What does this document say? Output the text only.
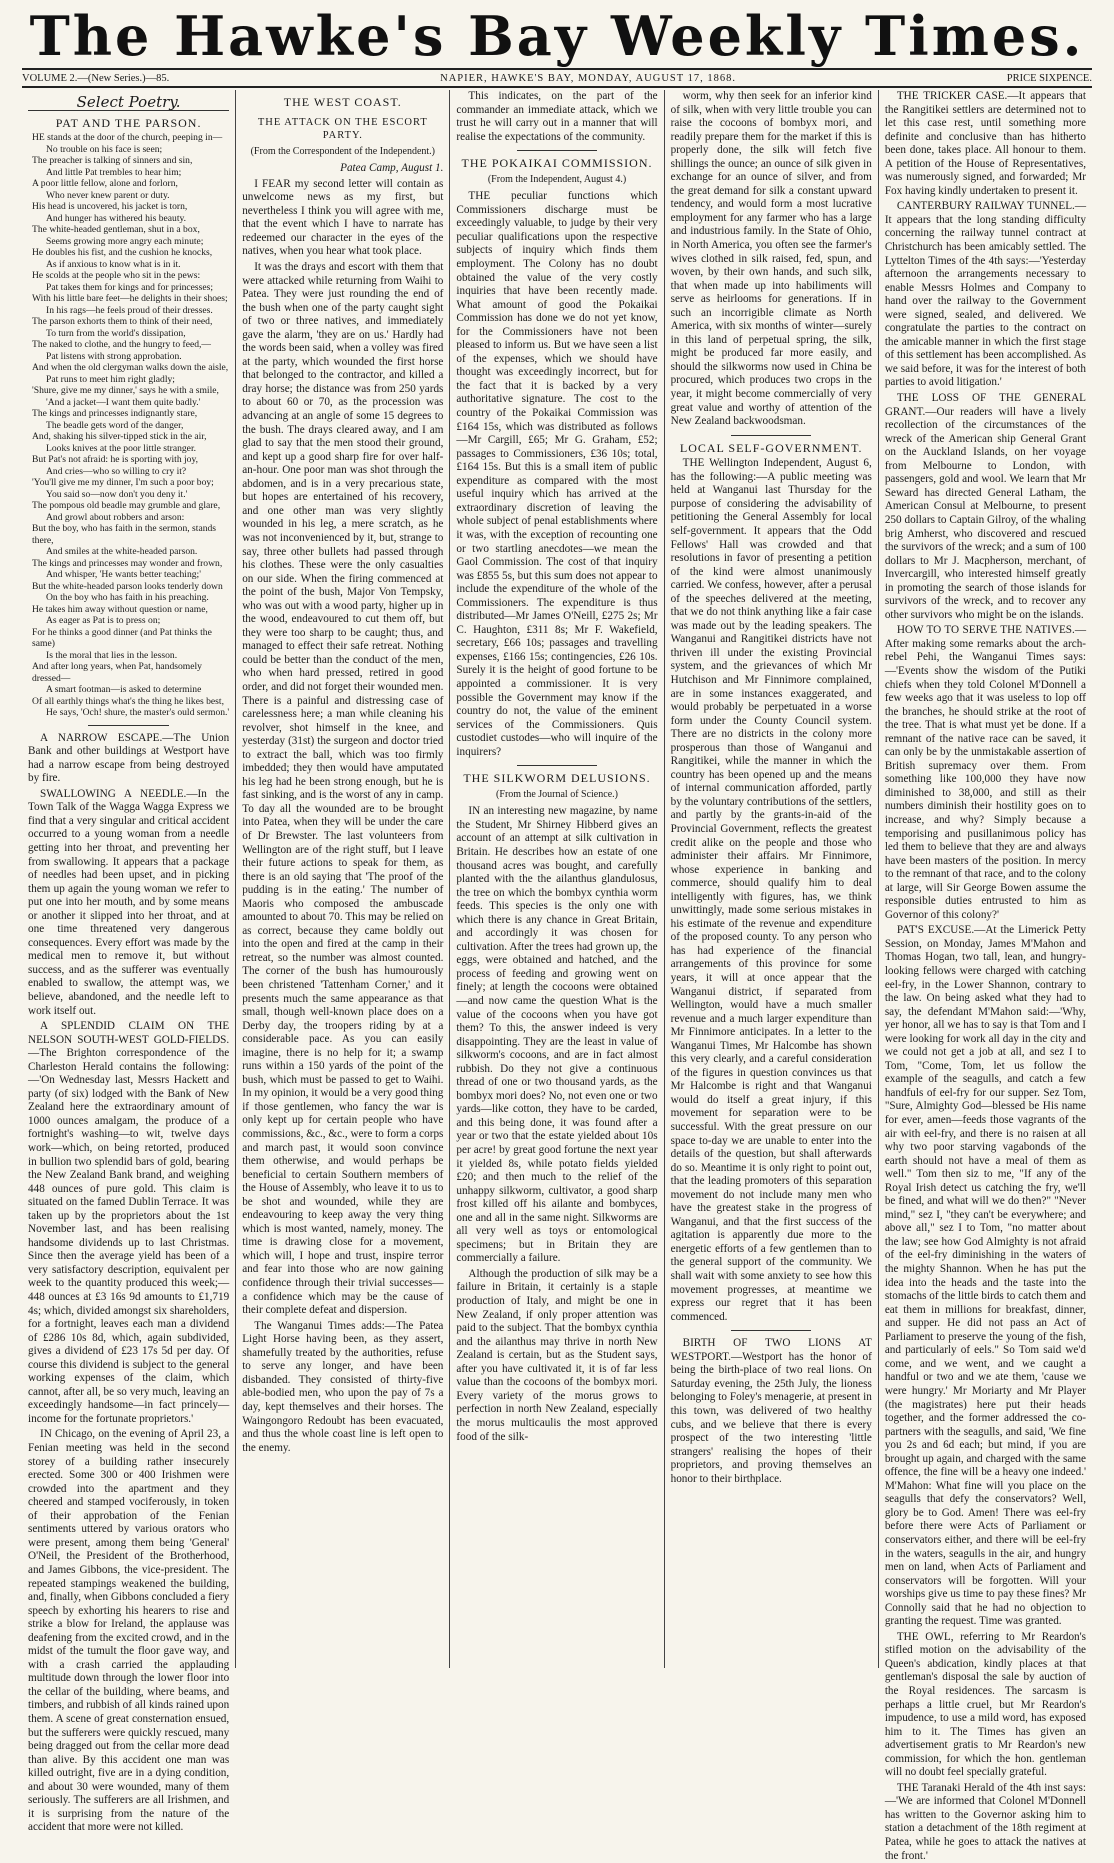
The Hawke's Bay Weekly Times.
VOLUME 2.—(New Series.)—85.	NAPIER, HAWKE'S BAY, MONDAY, AUGUST 17, 1868.	PRICE SIXPENCE.
Select Poetry.
PAT AND THE PARSON.
HE stands at the door of the church, peeping in—
No trouble on his face is seen;
The preacher is talking of sinners and sin,
And little Pat trembles to hear him;
A poor little fellow, alone and forlorn,
Who never knew parent or duty.
His head is uncovered, his jacket is torn,
And hunger has withered his beauty.
The white-headed gentleman, shut in a box,
Seems growing more angry each minute;
He doubles his fist, and the cushion he knocks,
As if anxious to know what is in it.
He scolds at the people who sit in the pews:
Pat takes them for kings and for princesses;
With his little bare feet—he delights in their shoes;
In his rags—he feels proud of their dresses.
The parson exhorts them to think of their need,
To turn from the world's dissipation,
The naked to clothe, and the hungry to feed,—
Pat listens with strong approbation.
And when the old clergyman walks down the aisle,
Pat runs to meet him right gladly;
'Shure, give me my dinner,' says he with a smile,
'And a jacket—I want them quite badly.'
The kings and princesses indignantly stare,
The beadle gets word of the danger,
And, shaking his silver-tipped stick in the air,
Looks knives at the poor little stranger.
But Pat's not afraid: he is sporting with joy,
And cries—who so willing to cry it?
'You'll give me my dinner, I'm such a poor boy;
You said so—now don't you deny it.'
The pompous old beadle may grumble and glare,
And growl about robbers and arson:
But the boy, who has faith in the sermon, stands there,
And smiles at the white-headed parson.
The kings and princesses may wonder and frown,
And whisper, 'He wants better teaching;'
But the white-headed parson looks tenderly down
On the boy who has faith in his preaching.
He takes him away without question or name,
As eager as Pat is to press on;
For he thinks a good dinner (and Pat thinks the same)
Is the moral that lies in the lesson.
And after long years, when Pat, handsomely dressed—
A smart footman—is asked to determine
Of all earthly things what's the thing he likes best,
He says, 'Och! shure, the master's ould sermon.'

A NARROW ESCAPE.—The Union Bank and other buildings at Westport have had a narrow escape from being destroyed by fire.

SWALLOWING A NEEDLE.—In the Town Talk of the Wagga Wagga Express we find that a very singular and critical accident occurred to a young woman from a needle getting into her throat, and preventing her from swallowing. It appears that a package of needles had been upset, and in picking them up again the young woman we refer to put one into her mouth, and by some means or another it slipped into her throat, and at one time threatened very dangerous consequences. Every effort was made by the medical men to remove it, but without success, and as the sufferer was eventually enabled to swallow, the attempt was, we believe, abandoned, and the needle left to work itself out.

A SPLENDID CLAIM ON THE NELSON SOUTH-WEST GOLD-FIELDS.—The Brighton correspondence of the Charleston Herald contains the following:—'On Wednesday last, Messrs Hackett and party (of six) lodged with the Bank of New Zealand here the extraordinary amount of 1000 ounces amalgam, the produce of a fortnight's washing—to wit, twelve days work—which, on being retorted, produced in bullion two splendid bars of gold, bearing the New Zealand Bank brand, and weighing 448 ounces of pure gold. This claim is situated on the famed Dublin Terrace. It was taken up by the proprietors about the 1st November last, and has been realising handsome dividends up to last Christmas. Since then the average yield has been of a very satisfactory description, equivalent per week to the quantity produced this week;—448 ounces at £3 16s 9d amounts to £1,719 4s; which, divided amongst six shareholders, for a fortnight, leaves each man a dividend of £286 10s 8d, which, again subdivided, gives a dividend of £23 17s 5d per day. Of course this dividend is subject to the general working expenses of the claim, which cannot, after all, be so very much, leaving an exceedingly handsome—in fact princely—income for the fortunate proprietors.'

IN Chicago, on the evening of April 23, a Fenian meeting was held in the second storey of a building rather insecurely erected. Some 300 or 400 Irishmen were crowded into the apartment and they cheered and stamped vociferously, in token of their approbation of the Fenian sentiments uttered by various orators who were present, among them being 'General' O'Neil, the President of the Brotherhood, and James Gibbons, the vice-president. The repeated stampings weakened the building, and, finally, when Gibbons concluded a fiery speech by exhorting his hearers to rise and strike a blow for Ireland, the applause was deafening from the excited crowd, and in the midst of the tumult the floor gave way, and with a crash carried the applauding multitude down through the lower floor into the cellar of the building, where beams, and timbers, and rubbish of all kinds rained upon them. A scene of great consternation ensued, but the sufferers were quickly rescued, many being dragged out from the cellar more dead than alive. By this accident one man was killed outright, five are in a dying condition, and about 30 were wounded, many of them seriously. The sufferers are all Irishmen, and it is surprising from the nature of the accident that more were not killed.

THE WEST COAST.
THE ATTACK ON THE ESCORT PARTY.
(From the Correspondent of the Independent.)
Patea Camp, August 1.

I FEAR my second letter will contain as unwelcome news as my first, but nevertheless I think you will agree with me, that the event which I have to narrate has redeemed our character in the eyes of the natives, when you hear what took place.

It was the drays and escort with them that were attacked while returning from Waihi to Patea. They were just rounding the end of the bush when one of the party caught sight of two or three natives, and immediately gave the alarm, 'they are on us.' Hardly had the words been said, when a volley was fired at the party, which wounded the first horse that belonged to the contractor, and killed a dray horse; the distance was from 250 yards to about 60 or 70, as the procession was advancing at an angle of some 15 degrees to the bush. The drays cleared away, and I am glad to say that the men stood their ground, and kept up a good sharp fire for over half-an-hour. One poor man was shot through the abdomen, and is in a very precarious state, but hopes are entertained of his recovery, and one other man was very slightly wounded in his leg, a mere scratch, as he was not inconvenienced by it, but, strange to say, three other bullets had passed through his clothes. These were the only casualties on our side. When the firing commenced at the point of the bush, Major Von Tempsky, who was out with a wood party, higher up in the wood, endeavoured to cut them off, but they were too sharp to be caught; thus, and managed to effect their safe retreat. Nothing could be better than the conduct of the men, who when hard pressed, retired in good order, and did not forget their wounded men. There is a painful and distressing case of carelessness here; a man while cleaning his revolver, shot himself in the knee, and yesterday (31st) the surgeon and doctor tried to extract the ball, which was too firmly imbedded; they then would have amputated his leg had he been strong enough, but he is fast sinking, and is the worst of any in camp. To day all the wounded are to be brought into Patea, when they will be under the care of Dr Brewster. The last volunteers from Wellington are of the right stuff, but I leave their future actions to speak for them, as there is an old saying that 'The proof of the pudding is in the eating.' The number of Maoris who composed the ambuscade amounted to about 70. This may be relied on as correct, because they came boldly out into the open and fired at the camp in their retreat, so the number was almost counted. The corner of the bush has humourously been christened 'Tattenham Corner,' and it presents much the same appearance as that small, though well-known place does on a Derby day, the troopers riding by at a considerable pace. As you can easily imagine, there is no help for it; a swamp runs within a 150 yards of the point of the bush, which must be passed to get to Waihi. In my opinion, it would be a very good thing if those gentlemen, who fancy the war is only kept up for certain people who have commissions, &c., &c., were to form a corps and march past, it would soon convince them otherwise, and would perhaps be beneficial to certain Southern members of the House of Assembly, who leave it to us to be shot and wounded, while they are endeavouring to keep away the very thing which is most wanted, namely, money. The time is drawing close for a movement, which will, I hope and trust, inspire terror and fear into those who are now gaining confidence through their trivial successes—a confidence which may be the cause of their complete defeat and dispersion.

The Wanganui Times adds:—The Patea Light Horse having been, as they assert, shamefully treated by the authorities, refuse to serve any longer, and have been disbanded. They consisted of thirty-five able-bodied men, who upon the pay of 7s a day, kept themselves and their horses. The Waingongoro Redoubt has been evacuated, and thus the whole coast line is left open to the enemy.

This indicates, on the part of the commander an immediate attack, which we trust he will carry out in a manner that will realise the expectations of the community.

THE POKAIKAI COMMISSION.
(From the Independent, August 4.)

THE peculiar functions which Commissioners discharge must be exceedingly valuable, to judge by their very peculiar qualifications upon the respective subjects of inquiry which finds them employment. The Colony has no doubt obtained the value of the very costly inquiries that have been recently made. What amount of good the Pokaikai Commission has done we do not yet know, for the Commissioners have not been pleased to inform us. But we have seen a list of the expenses, which we should have thought was exceedingly incorrect, but for the fact that it is backed by a very authoritative signature. The cost to the country of the Pokaikai Commission was £164 15s, which was distributed as follows—Mr Cargill, £65; Mr G. Graham, £52; passages to Commissioners, £36 10s; total, £164 15s. But this is a small item of public expenditure as compared with the most useful inquiry which has arrived at the extraordinary discretion of leaving the whole subject of penal establishments where it was, with the exception of recounting one or two startling anecdotes—we mean the Gaol Commission. The cost of that inquiry was £855 5s, but this sum does not appear to include the expenditure of the whole of the Commissioners. The expenditure is thus distributed—Mr James O'Neill, £275 2s; Mr C. Haughton, £311 8s; Mr F. Wakefield, secretary, £66 10s; passages and travelling expenses, £166 15s; contingencies, £26 10s. Surely it is the height of good fortune to be appointed a commissioner. It is very possible the Government may know if the country do not, the value of the eminent services of the Commissioners. Quis custodiet custodes—who will inquire of the inquirers?

THE SILKWORM DELUSIONS.
(From the Journal of Science.)

IN an interesting new magazine, by name the Student, Mr Shirney Hibberd gives an account of an attempt at silk cultivation in Britain. He describes how an estate of one thousand acres was bought, and carefully planted with the the ailanthus glandulosus, the tree on which the bombyx cynthia worm feeds. This species is the only one with which there is any chance in Great Britain, and accordingly it was chosen for cultivation. After the trees had grown up, the eggs, were obtained and hatched, and the process of feeding and growing went on finely; at length the cocoons were obtained—and now came the question What is the value of the cocoons when you have got them? To this, the answer indeed is very disappointing. They are the least in value of silkworm's cocoons, and are in fact almost rubbish. Do they not give a continuous thread of one or two thousand yards, as the bombyx mori does? No, not even one or two yards—like cotton, they have to be carded, and this being done, it was found after a year or two that the estate yielded about 10s per acre! by great good fortune the next year it yielded 8s, while potato fields yielded £20; and then much to the relief of the unhappy silkworm, cultivator, a good sharp frost killed off his ailante and bombyces, one and all in the same night. Silkworms are all very well as toys or entomological specimens; but in Britain they are commercially a failure.

Although the production of silk may be a failure in Britain, it certainly is a staple production of Italy, and might be one in New Zealand, if only proper attention was paid to the subject. That the bombyx cynthia and the ailanthus may thrive in north New Zealand is certain, but as the Student says, after you have cultivated it, it is of far less value than the cocoons of the bombyx mori. Every variety of the morus grows to perfection in north New Zealand, especially the morus multicaulis the most approved food of the silk-

worm, why then seek for an inferior kind of silk, when with very little trouble you can raise the cocoons of bombyx mori, and readily prepare them for the market if this is properly done, the silk will fetch five shillings the ounce; an ounce of silk given in exchange for an ounce of silver, and from the great demand for silk a constant upward tendency, and would form a most lucrative employment for any farmer who has a large and industrious family. In the State of Ohio, in North America, you often see the farmer's wives clothed in silk raised, fed, spun, and woven, by their own hands, and such silk, that when made up into habiliments will serve as heirlooms for generations. If in such an incorrigible climate as North America, with six months of winter—surely in this land of perpetual spring, the silk, might be produced far more easily, and should the silkworms now used in China be procured, which produces two crops in the year, it might become commercially of very great value and worthy of attention of the New Zealand backwoodsman.

LOCAL SELF-GOVERNMENT.

THE Wellington Independent, August 6, has the following:—A public meeting was held at Wanganui last Thursday for the purpose of considering the advisability of petitioning the General Assembly for local self-government. It appears that the Odd Fellows' Hall was crowded and that resolutions in favor of presenting a petition of the kind were almost unanimously carried. We confess, however, after a perusal of the speeches delivered at the meeting, that we do not think anything like a fair case was made out by the leading speakers. The Wanganui and Rangitikei districts have not thriven ill under the existing Provincial system, and the grievances of which Mr Hutchison and Mr Finnimore complained, are in some instances exaggerated, and would probably be perpetuated in a worse form under the County Council system. There are no districts in the colony more prosperous than those of Wanganui and Rangitikei, while the manner in which the country has been opened up and the means of internal communication afforded, partly by the voluntary contributions of the settlers, and partly by the grants-in-aid of the Provincial Government, reflects the greatest credit alike on the people and those who administer their affairs. Mr Finnimore, whose experience in banking and commerce, should qualify him to deal intelligently with figures, has, we think unwittingly, made some serious mistakes in his estimate of the revenue and expenditure of the proposed county. To any person who has had experience of the financial arrangements of this province for some years, it will at once appear that the Wanganui district, if separated from Wellington, would have a much smaller revenue and a much larger expenditure than Mr Finnimore anticipates. In a letter to the Wanganui Times, Mr Halcombe has shown this very clearly, and a careful consideration of the figures in question convinces us that Mr Halcombe is right and that Wanganui would do itself a great injury, if this movement for separation were to be successful. With the great pressure on our space to-day we are unable to enter into the details of the question, but shall afterwards do so. Meantime it is only right to point out, that the leading promoters of this separation movement do not include many men who have the greatest stake in the progress of Wanganui, and that the first success of the agitation is apparently due more to the energetic efforts of a few gentlemen than to the general support of the community. We shall wait with some anxiety to see how this movement progresses, at meantime we express our regret that it has been commenced.

BIRTH OF TWO LIONS AT WESTPORT.—Westport has the honor of being the birth-place of two real lions. On Saturday evening, the 25th July, the lioness belonging to Foley's menagerie, at present in this town, was delivered of two healthy cubs, and we believe that there is every prospect of the two interesting 'little strangers' realising the hopes of their proprietors, and proving themselves an honor to their birthplace.

THE TRICKER CASE.—It appears that the Rangitikei settlers are determined not to let this case rest, until something more definite and conclusive than has hitherto been done, takes place. All honour to them. A petition of the House of Representatives, was numerously signed, and forwarded; Mr Fox having kindly undertaken to present it.

CANTERBURY RAILWAY TUNNEL.—It appears that the long standing difficulty concerning the railway tunnel contract at Christchurch has been amicably settled. The Lyttelton Times of the 4th says:—'Yesterday afternoon the arrangements necessary to enable Messrs Holmes and Company to hand over the railway to the Government were signed, sealed, and delivered. We congratulate the parties to the contract on the amicable manner in which the first stage of this settlement has been accomplished. As we said before, it was for the interest of both parties to avoid litigation.'

THE LOSS OF THE GENERAL GRANT.—Our readers will have a lively recollection of the circumstances of the wreck of the American ship General Grant on the Auckland Islands, on her voyage from Melbourne to London, with passengers, gold and wool. We learn that Mr Seward has directed General Latham, the American Consul at Melbourne, to present 250 dollars to Captain Gilroy, of the whaling brig Amherst, who discovered and rescued the survivors of the wreck; and a sum of 100 dollars to Mr J. Macpherson, merchant, of Invercargill, who interested himself greatly in promoting the search of those islands for survivors of the wreck, and to recover any other survivors who might be on the islands.

HOW TO TO SERVE THE NATIVES.—After making some remarks about the arch-rebel Pehi, the Wanganui Times says:—'Events show the wisdom of the Putiki chiefs when they told Colonel M'Donnell a few weeks ago that it was useless to lop off the branches, he should strike at the root of the tree. That is what must yet be done. If a remnant of the native race can be saved, it can only be by the unmistakable assertion of British supremacy over them. From something like 100,000 they have now diminished to 38,000, and still as their numbers diminish their hostility goes on to increase, and why? Simply because a temporising and pusillanimous policy has led them to believe that they are and always have been masters of the position. In mercy to the remnant of that race, and to the colony at large, will Sir George Bowen assume the responsible duties entrusted to him as Governor of this colony?'

PAT'S EXCUSE.—At the Limerick Petty Session, on Monday, James M'Mahon and Thomas Hogan, two tall, lean, and hungry-looking fellows were charged with catching eel-fry, in the Lower Shannon, contrary to the law. On being asked what they had to say, the defendant M'Mahon said:—'Why, yer honor, all we has to say is that Tom and I were looking for work all day in the city and we could not get a job at all, and sez I to Tom, "Come, Tom, let us follow the example of the seagulls, and catch a few handfuls of eel-fry for our supper. Sez Tom, "Sure, Almighty God—blessed be His name for ever, amen—feeds those vagrants of the air with eel-fry, and there is no raisen at all why two poor starving vagabonds of the earth should not have a meal of them as well." Tom then siz to me, "If any of the Royal Irish detect us catching the fry, we'll be fined, and what will we do then?" "Never mind," sez I, "they can't be everywhere; and above all," sez I to Tom, "no matter about the law; see how God Almighty is not afraid of the eel-fry diminishing in the waters of the mighty Shannon. When he has put the idea into the heads and the taste into the stomachs of the little birds to catch them and eat them in millions for breakfast, dinner, and supper. He did not pass an Act of Parliament to preserve the young of the fish, and particularly of eels." So Tom said we'd come, and we went, and we caught a handful or two and we ate them, 'cause we were hungry.' Mr Moriarty and Mr Player (the magistrates) here put their heads together, and the former addressed the co-partners with the seagulls, and said, 'We fine you 2s and 6d each; but mind, if you are brought up again, and charged with the same offence, the fine will be a heavy one indeed.' M'Mahon: What fine will you place on the seagulls that defy the conservators? Well, glory be to God. Amen! There was eel-fry before there were Acts of Parliament or conservators either, and there will be eel-fry in the waters, seagulls in the air, and hungry men on land, when Acts of Parliament and conservators will be forgotten. Will your worships give us time to pay these fines? Mr Connolly said that he had no objection to granting the request. Time was granted.

THE OWL, referring to Mr Reardon's stifled motion on the advisability of the Queen's abdication, kindly places at that gentleman's disposal the sale by auction of the Royal residences. The sarcasm is perhaps a little cruel, but Mr Reardon's impudence, to use a mild word, has exposed him to it. The Times has given an advertisement gratis to Mr Reardon's new commission, for which the hon. gentleman will no doubt feel specially grateful.

THE Taranaki Herald of the 4th inst says:—'We are informed that Colonel M'Donnell has written to the Governor asking him to station a detachment of the 18th regiment at Patea, while he goes to attack the natives at the front.'
